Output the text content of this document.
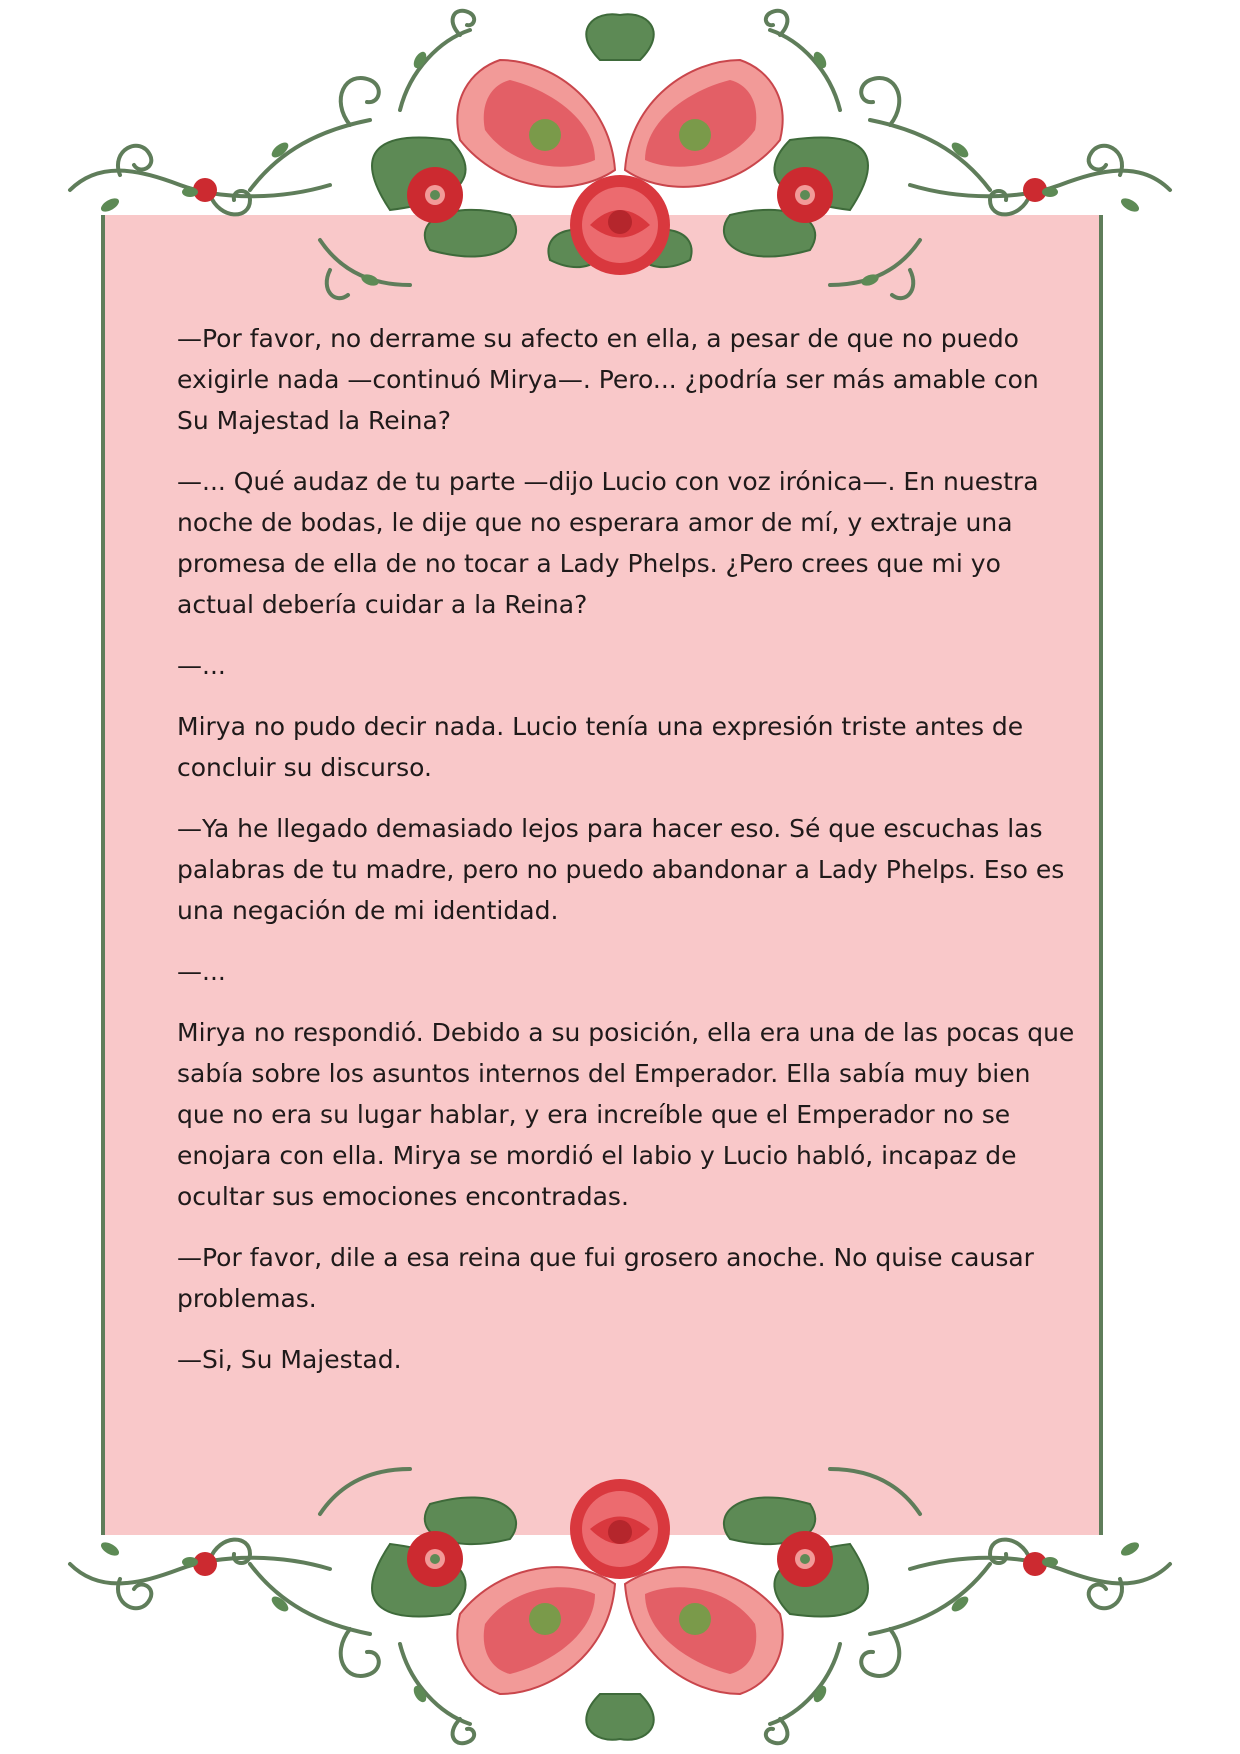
—Por favor, no derrame su afecto en ella, a pesar de que no puedo exigirle nada —continuó Mirya—. Pero... ¿podría ser más amable con Su Majestad la Reina?

—... Qué audaz de tu parte —dijo Lucio con voz irónica—. En nuestra noche de bodas, le dije que no esperara amor de mí, y extraje una promesa de ella de no tocar a Lady Phelps. ¿Pero crees que mi yo actual debería cuidar a la Reina?

—...

Mirya no pudo decir nada. Lucio tenía una expresión triste antes de concluir su discurso.

—Ya he llegado demasiado lejos para hacer eso. Sé que escuchas las palabras de tu madre, pero no puedo abandonar a Lady Phelps. Eso es una negación de mi identidad.

—...

Mirya no respondió. Debido a su posición, ella era una de las pocas que sabía sobre los asuntos internos del Emperador. Ella sabía muy bien que no era su lugar hablar, y era increíble que el Emperador no se enojara con ella. Mirya se mordió el labio y Lucio habló, incapaz de ocultar sus emociones encontradas.

—Por favor, dile a esa reina que fui grosero anoche. No quise causar problemas.

—Si, Su Majestad.
